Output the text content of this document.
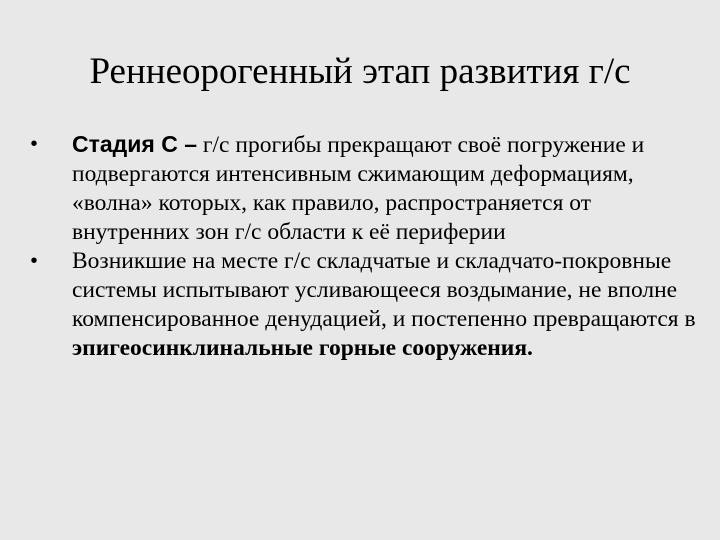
Реннеорогенный этап развития г/с
• Стадия С – г/с прогибы прекращают своё погружение и подвергаются интенсивным сжимающим деформациям, «волна» которых, как правило, распространяется от внутренних зон г/с области к её периферии
• Возникшие на месте г/с складчатые и складчато-покровные системы испытывают усливающееся воздымание, не вполне компенсированное денудацией, и постепенно превращаются в эпигеосинклинальные горные сооружения.
